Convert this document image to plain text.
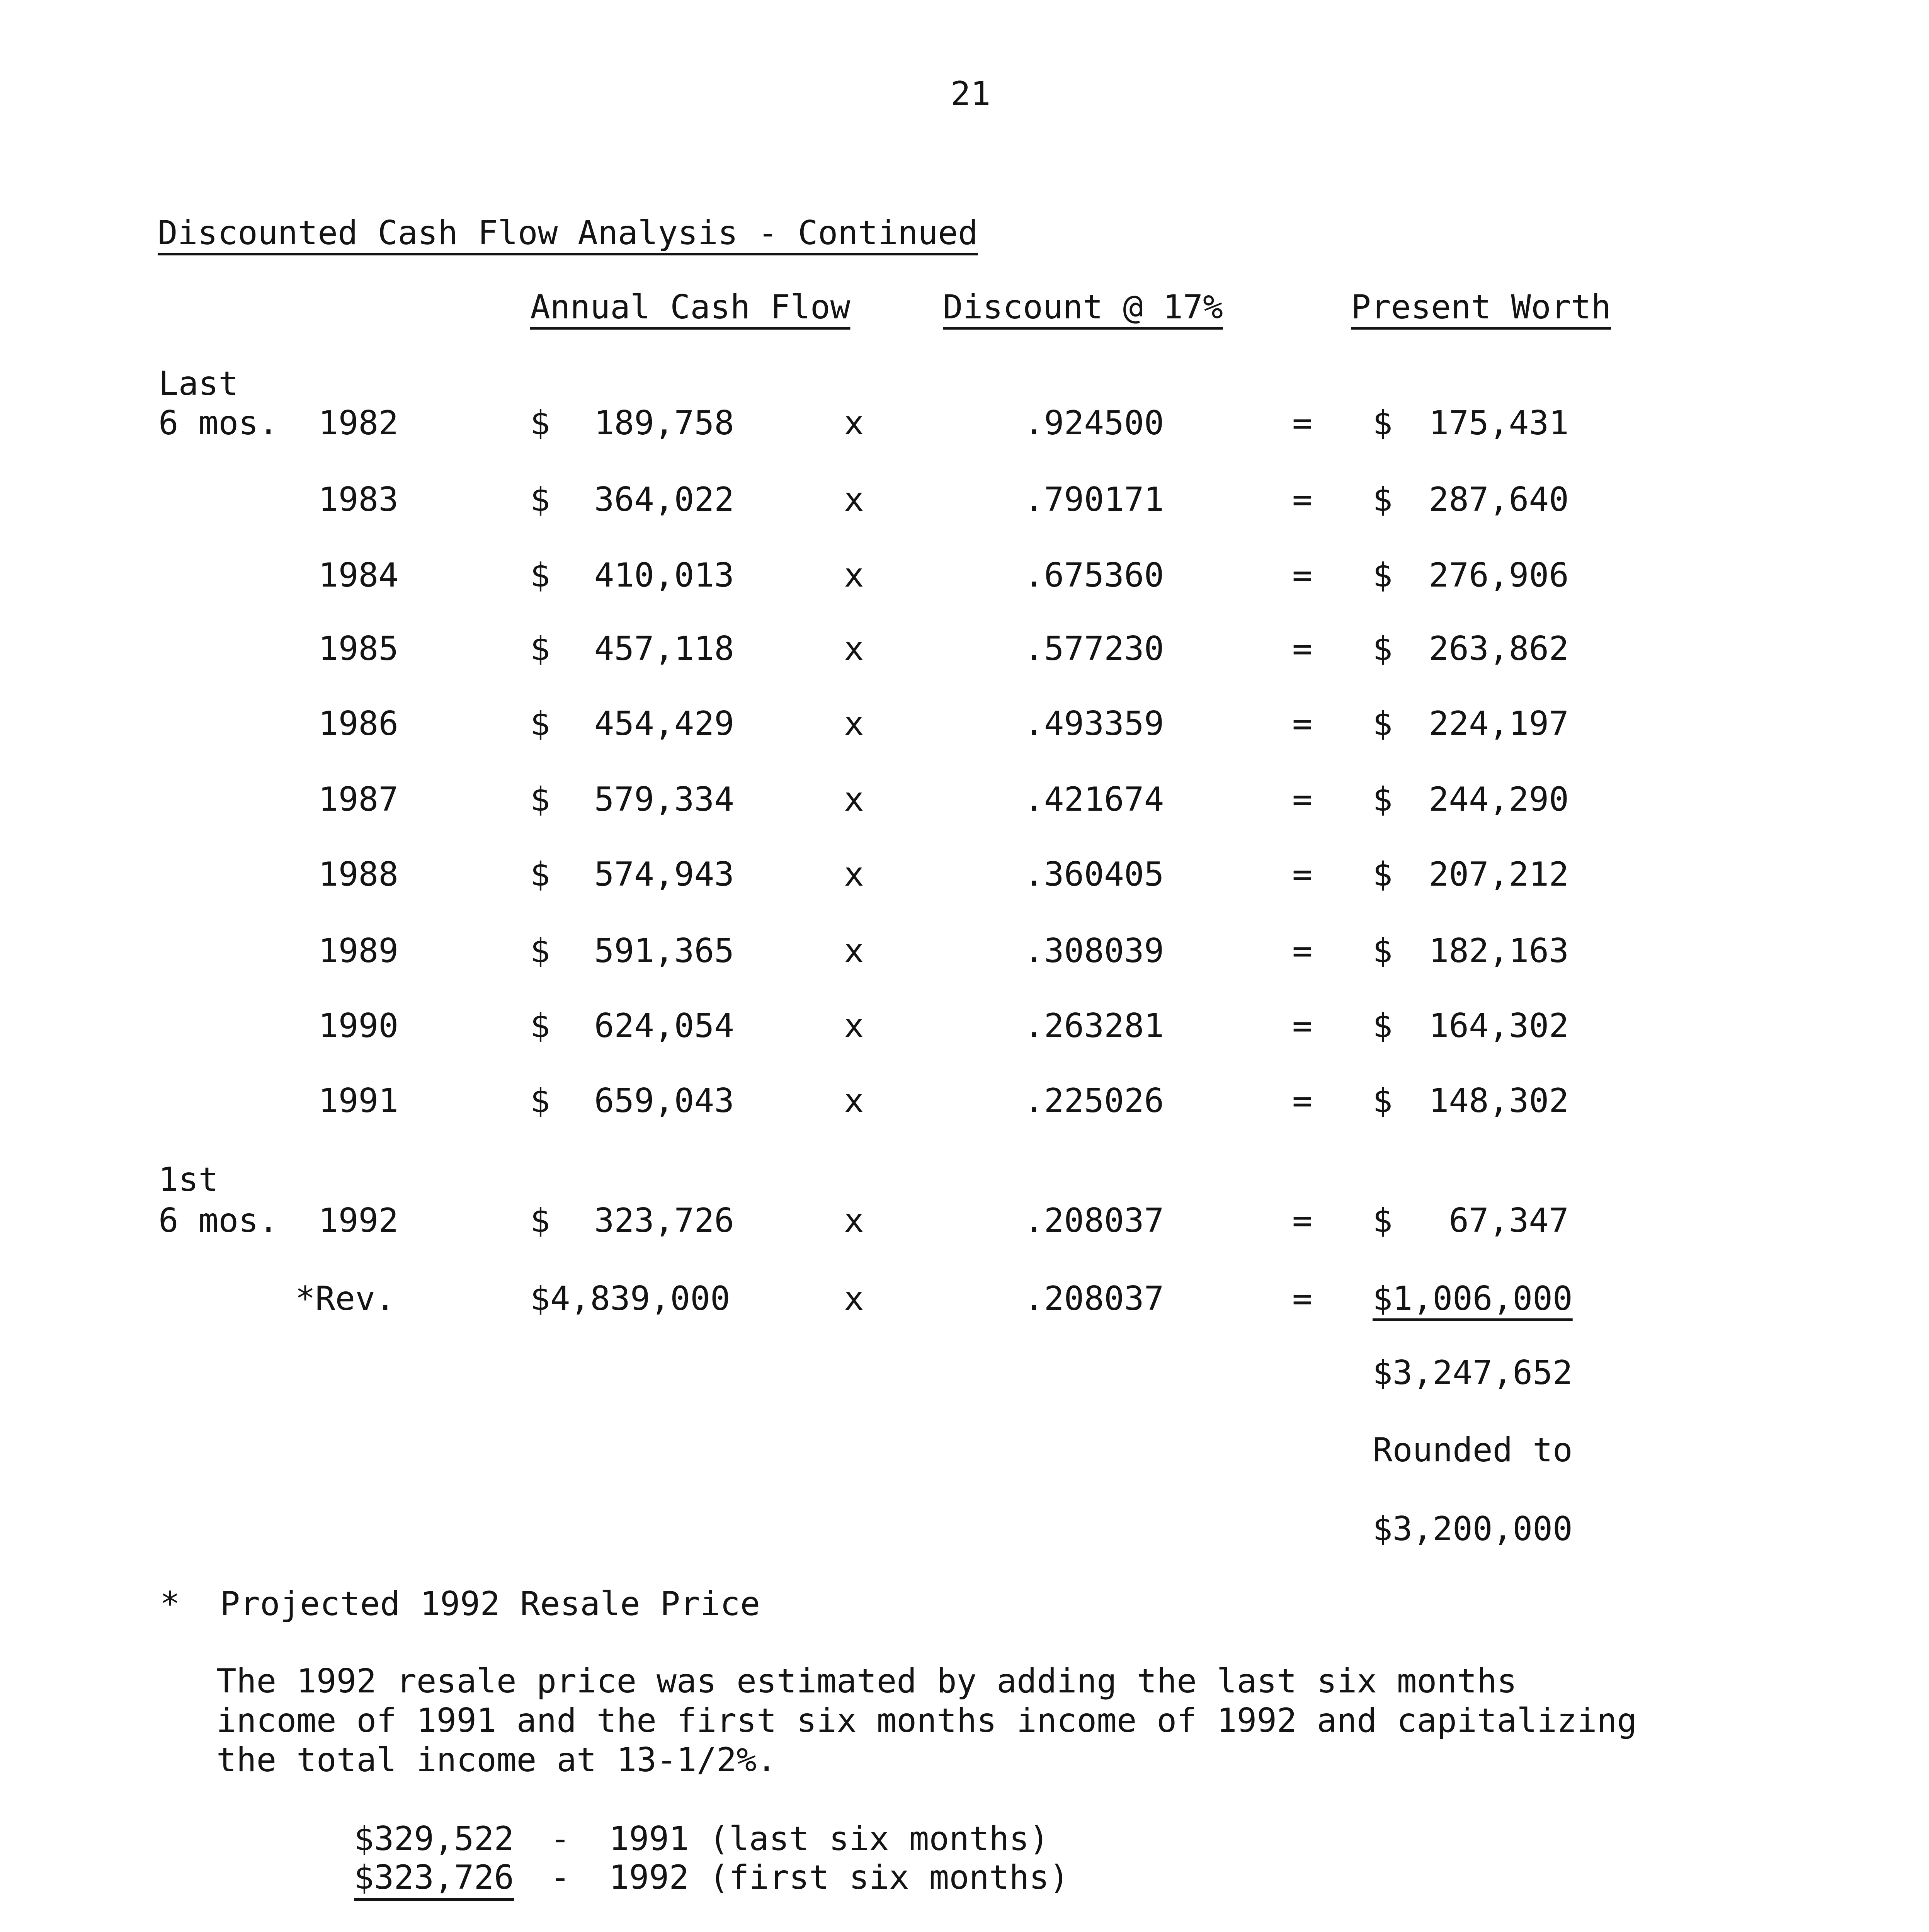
21
Discounted Cash Flow Analysis - Continued
Annual Cash Flow	Discount @ 17%	Present Worth
Last
6 mos. 1982	$	189,758	x	.924500	= $	175,431
1983	$	364,022	x	.790171	= $	287,640
1984	$	410,013	x	.675360	= $	276,906
1985	$	457,118	x	.577230	= $	263,862
1986	$	454,429	x	.493359	= $	224,197
1987	$	579,334	x	.421674	= $	244,290
1988	$	574,943	x	.360405	= $	207,212
1989	$	591,365	x	.308039	= $	182,163
1990	$	624,054	x	.263281	= $	164,302
1991	$	659,043	x	.225026	= $	148,302
1st
6 mos. 1992	$	323,726	x	.208037	= $	67,347
*Rev.	$4,839,000	x	.208037	= $1,006,000
$3,247,652
Rounded to
$3,200,000
*  Projected 1992 Resale Price
The 1992 resale price was estimated by adding the last six months
income of 1991 and the first six months income of 1992 and capitalizing
the total income at 13-1/2%.
$329,522 - 1991 (last six months)
$323,726 - 1992 (first six months)
